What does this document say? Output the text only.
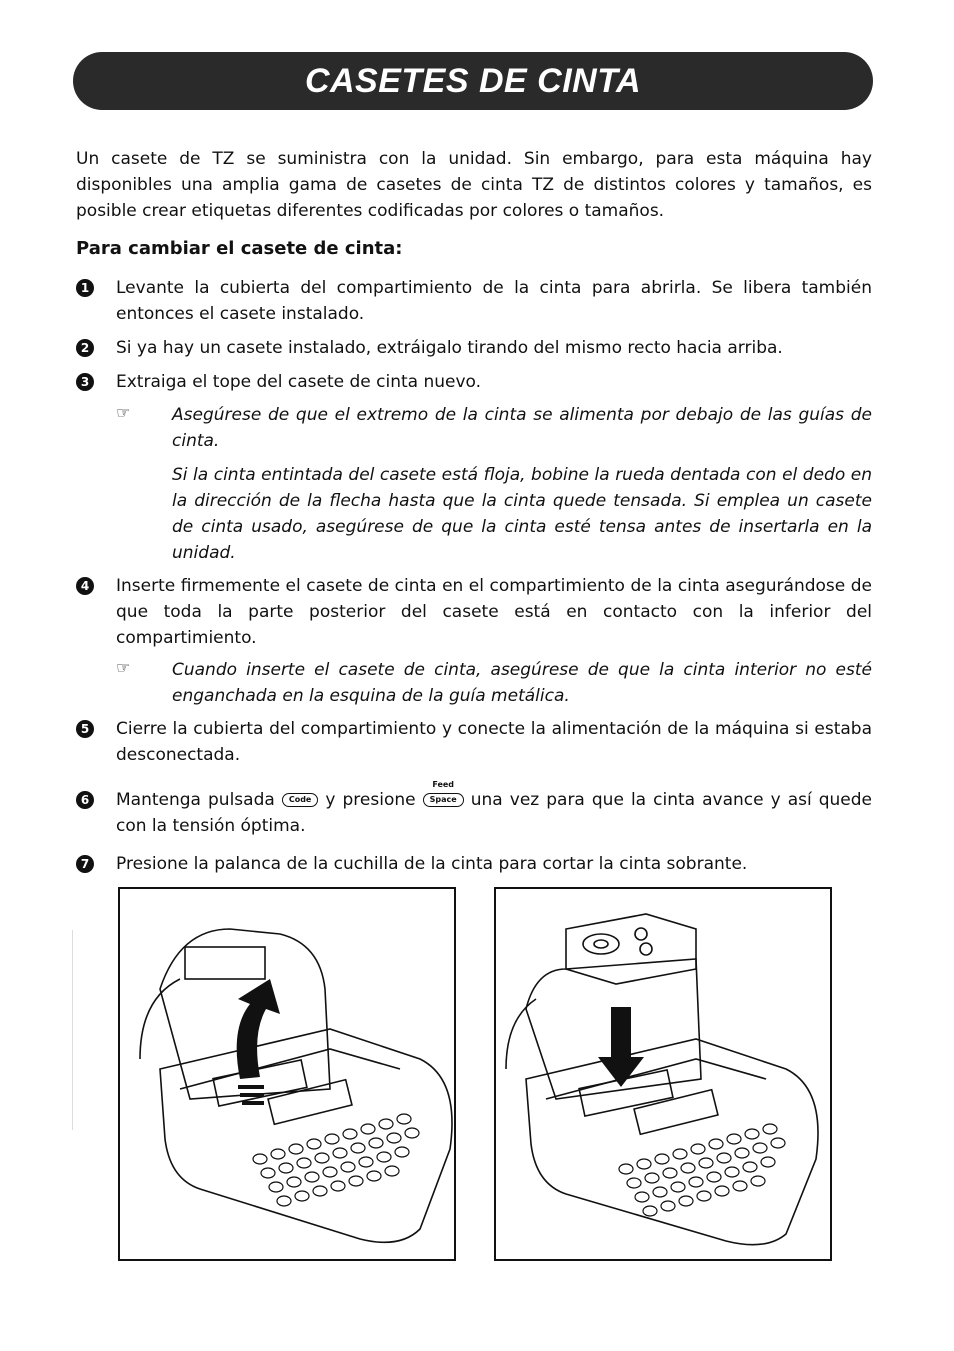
CASETES DE CINTA

Un casete de TZ se suministra con la unidad. Sin embargo, para esta máquina hay disponibles una amplia gama de casetes de cinta TZ de distintos colores y tamaños, es posible crear etiquetas diferentes codificadas por colores o tamaños.

Para cambiar el casete de cinta:
1 Levante la cubierta del compartimiento de la cinta para abrirla. Se libera también entonces el casete instalado.
2 Si ya hay un casete instalado, extráigalo tirando del mismo recto hacia arriba.
3 Extraiga el tope del casete de cinta nuevo.
☞ Asegúrese de que el extremo de la cinta se alimenta por debajo de las guías de cinta.
Si la cinta entintada del casete está floja, bobine la rueda dentada con el dedo en la dirección de la flecha hasta que la cinta quede tensada. Si emplea un casete de cinta usado, asegúrese de que la cinta esté tensa antes de insertarla en la unidad.
4 Inserte firmemente el casete de cinta en el compartimiento de la cinta asegurándose de que toda la parte posterior del casete está en contacto con la inferior del compartimiento.
☞ Cuando inserte el casete de cinta, asegúrese de que la cinta interior no esté enganchada en la esquina de la guía metálica.
5 Cierre la cubierta del compartimiento y conecte la alimentación de la máquina si estaba desconectada.
6 Mantenga pulsada Code y presione
Feed
Space una vez para que la cinta avance y así quede con la tensión óptima.
7 Presione la palanca de la cuchilla de la cinta para cortar la cinta sobrante.
